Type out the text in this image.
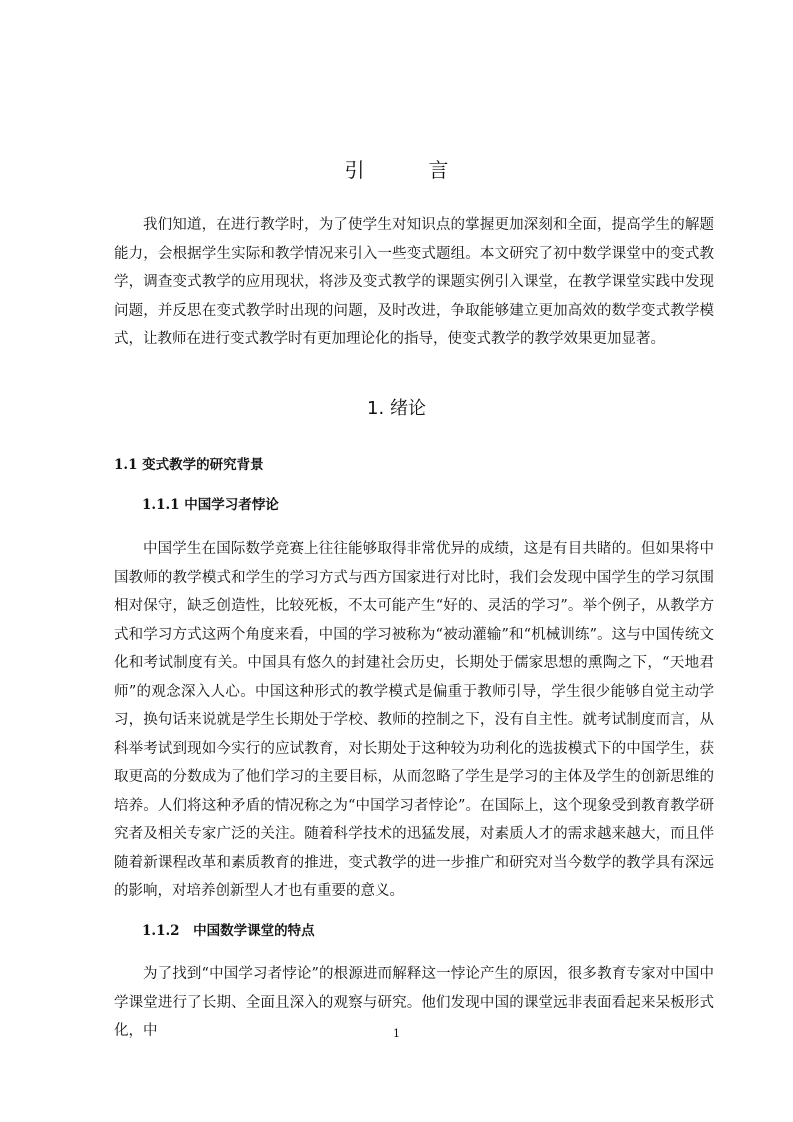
引　言

我们知道，在进行教学时，为了使学生对知识点的掌握更加深刻和全面，提高学生的解题能力，会根据学生实际和教学情况来引入一些变式题组。本文研究了初中数学课堂中的变式教学，调查变式教学的应用现状，将涉及变式教学的课题实例引入课堂，在教学课堂实践中发现问题，并反思在变式教学时出现的问题，及时改进，争取能够建立更加高效的数学变式教学模式，让教师在进行变式教学时有更加理论化的指导，使变式教学的教学效果更加显著。

1. 绪论
1.1 变式教学的研究背景
1.1.1 中国学习者悖论

中国学生在国际数学竞赛上往往能够取得非常优异的成绩，这是有目共睹的。但如果将中国教师的教学模式和学生的学习方式与西方国家进行对比时，我们会发现中国学生的学习氛围相对保守，缺乏创造性，比较死板，不太可能产生“好的、灵活的学习”。举个例子，从教学方式和学习方式这两个角度来看，中国的学习被称为“被动灌输”和“机械训练”。这与中国传统文化和考试制度有关。中国具有悠久的封建社会历史，长期处于儒家思想的熏陶之下，“天地君师”的观念深入人心。中国这种形式的教学模式是偏重于教师引导，学生很少能够自觉主动学习，换句话来说就是学生长期处于学校、教师的控制之下，没有自主性。就考试制度而言，从科举考试到现如今实行的应试教育，对长期处于这种较为功利化的选拔模式下的中国学生，获取更高的分数成为了他们学习的主要目标，从而忽略了学生是学习的主体及学生的创新思维的培养。人们将这种矛盾的情况称之为“中国学习者悖论”。在国际上，这个现象受到教育教学研究者及相关专家广泛的关注。随着科学技术的迅猛发展，对素质人才的需求越来越大，而且伴随着新课程改革和素质教育的推进，变式教学的进一步推广和研究对当今数学的教学具有深远的影响，对培养创新型人才也有重要的意义。

1.1.2　中国数学课堂的特点

为了找到“中国学习者悖论”的根源进而解释这一悖论产生的原因，很多教育专家对中国中学课堂进行了长期、全面且深入的观察与研究。他们发现中国的课堂远非表面看起来呆板形式化，中	1
